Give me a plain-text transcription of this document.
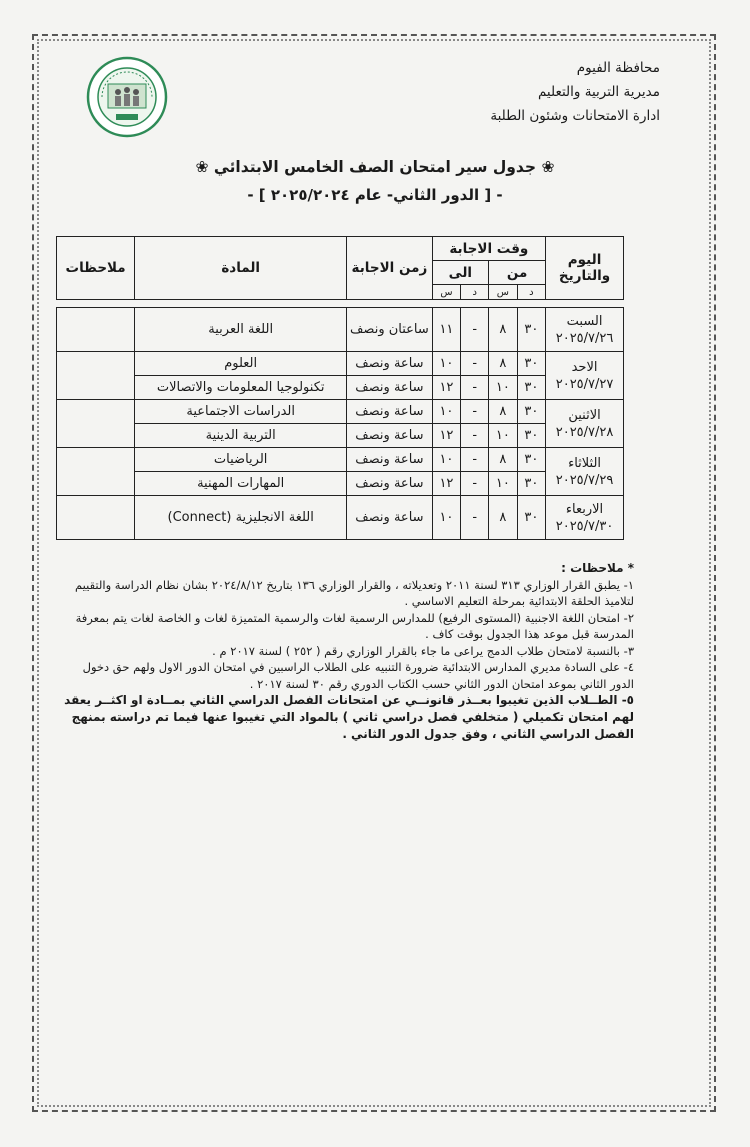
محافظة الفيوم
مديرية التربية والتعليم
ادارة الامتحانات وشئون الطلبة
❀ جدول سير امتحان الصف الخامس الابتدائي ❀
- [ الدور الثاني- عام ٢٠٢٥/٢٠٢٤ ] -
اليوم والتاريخ	وقت الاجابة				زمن الاجابة	المادة	ملاحظات
	من		الى				
	د	س	د	س			

السبت
٢٠٢٥/٧/٢٦	٣٠	٨	-	١١	ساعتان ونصف	اللغة العربية	

الاحد
٢٠٢٥/٧/٢٧	٣٠	٨	-	١٠	ساعة ونصف	العلوم	
	٣٠	١٠	-	١٢	ساعة ونصف	تكنولوجيا المعلومات والاتصالات	

الاثنين
٢٠٢٥/٧/٢٨	٣٠	٨	-	١٠	ساعة ونصف	الدراسات الاجتماعية	
	٣٠	١٠	-	١٢	ساعة ونصف	التربية الدينية	

الثلاثاء
٢٠٢٥/٧/٢٩	٣٠	٨	-	١٠	ساعة ونصف	الرياضيات	
	٣٠	١٠	-	١٢	ساعة ونصف	المهارات المهنية	

الاربعاء
٢٠٢٥/٧/٣٠	٣٠	٨	-	١٠	ساعة ونصف	اللغة الانجليزية (Connect)	

* ملاحظات :

١- يطبق القرار الوزاري ٣١٣ لسنة ٢٠١١ وتعديلاته ، والقرار الوزاري ١٣٦ بتاريخ ٢٠٢٤/٨/١٢ بشان نظام الدراسة والتقييم لتلاميذ الحلقة الابتدائية بمرحلة التعليم الاساسي .

٢- امتحان اللغة الاجنبية (المستوى الرفيع) للمدارس الرسمية لغات والرسمية المتميزة لغات و الخاصة لغات يتم بمعرفة المدرسة قبل موعد هذا الجدول بوقت كاف .

٣- بالنسبة لامتحان طلاب الدمج يراعى ما جاء بالقرار الوزاري رقم ( ٢٥٢ ) لسنة ٢٠١٧ م .

٤- على السادة مديري المدارس الابتدائية ضرورة التنبيه على الطلاب الراسبين في امتحان الدور الاول ولهم حق دخول الدور الثاني بموعد امتحان الدور الثاني حسب الكتاب الدوري رقم ٣٠ لسنة ٢٠١٧ .

٥- الطــلاب الذين تغيبوا بعــذر قانونــي عن امتحانات الفصل الدراسي الثاني بمــادة او اكثــر يعقد لهم امتحان تكميلي ( متخلفي فصل دراسي ثاني ) بالمواد التي تغيبوا عنها فيما تم دراسته بمنهج الفصل الدراسي الثاني ، وفق جدول الدور الثاني .
